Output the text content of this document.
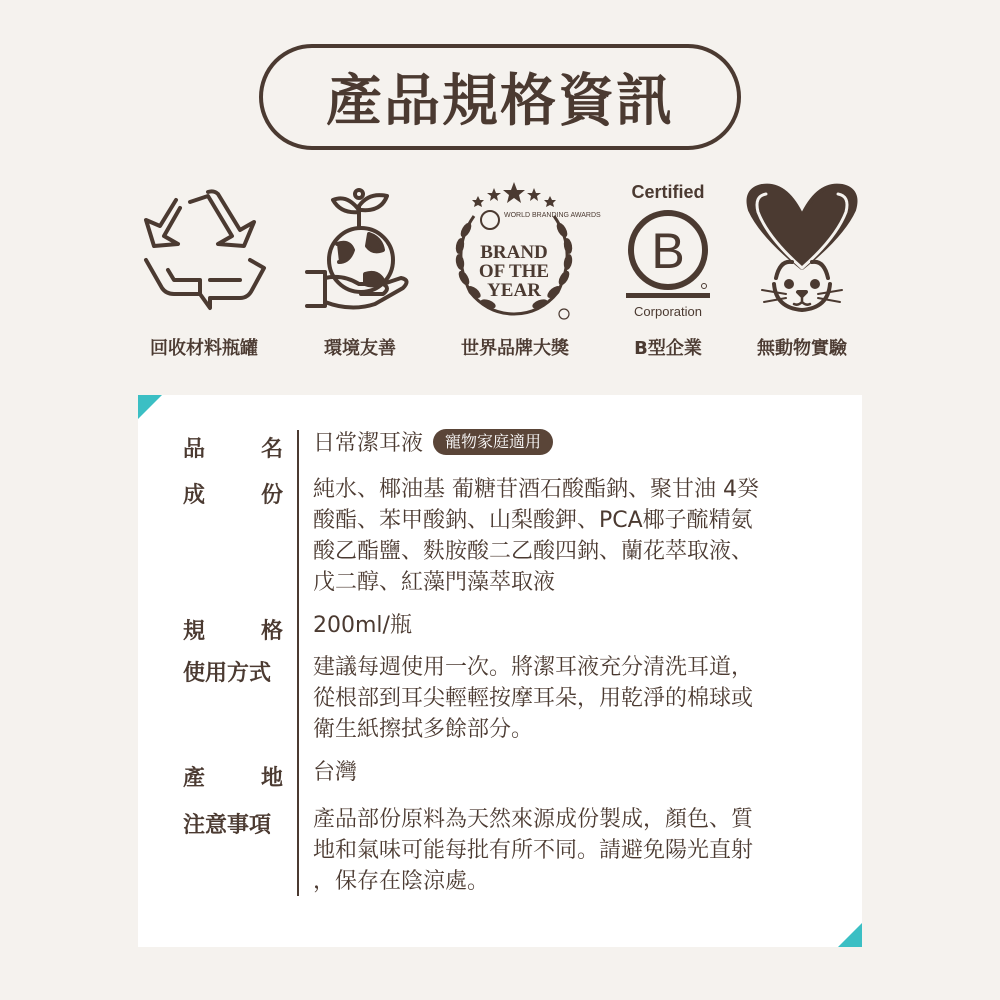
產品規格資訊
回收材料瓶罐	環境友善
WORLD BRANDING AWARDS
BRAND
OF THE
YEAR
世界品牌大獎
Certified
B
Corporation
B型企業	無動物實驗
品	名 日常潔耳液 寵物家庭適用
成	份 純水、椰油基 葡糖苷酒石酸酯鈉、聚甘油 4癸
酸酯、苯甲酸鈉、山梨酸鉀、PCA椰子酼精氨
酸乙酯鹽、麩胺酸二乙酸四鈉、蘭花萃取液、
戊二醇、紅藻門藻萃取液
規	格 200ml/瓶
使用方式	建議每週使用一次。將潔耳液充分清洗耳道，
從根部到耳尖輕輕按摩耳朵，用乾淨的棉球或
衛生紙擦拭多餘部分。
產	地 台灣
注意事項	產品部份原料為天然來源成份製成，顏色、質
地和氣味可能每批有所不同。請避免陽光直射
，保存在陰涼處。
